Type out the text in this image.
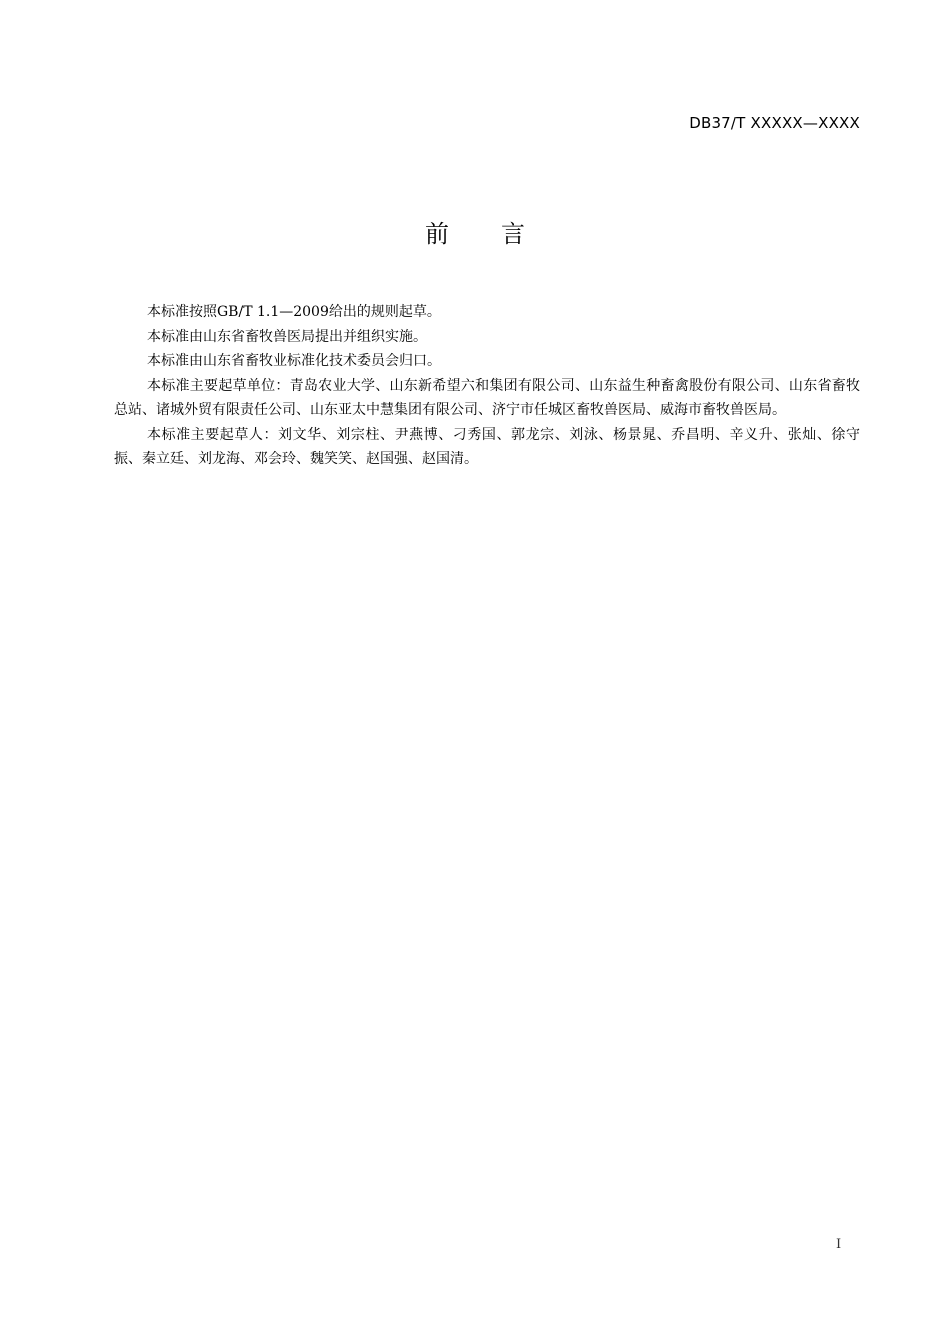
DB37/T XXXXX—XXXX
前 言

本标准按照GB/T 1.1—2009给出的规则起草。

本标准由山东省畜牧兽医局提出并组织实施。

本标准由山东省畜牧业标准化技术委员会归口。

本标准主要起草单位：青岛农业大学、山东新希望六和集团有限公司、山东益生种畜禽股份有限公司、山东省畜牧总站、诸城外贸有限责任公司、山东亚太中慧集团有限公司、济宁市任城区畜牧兽医局、威海市畜牧兽医局。

本标准主要起草人：刘文华、刘宗柱、尹燕博、刁秀国、郭龙宗、刘泳、杨景晁、乔昌明、辛义升、张灿、徐守振、秦立廷、刘龙海、邓会玲、魏笑笑、赵国强、赵国清。

I
